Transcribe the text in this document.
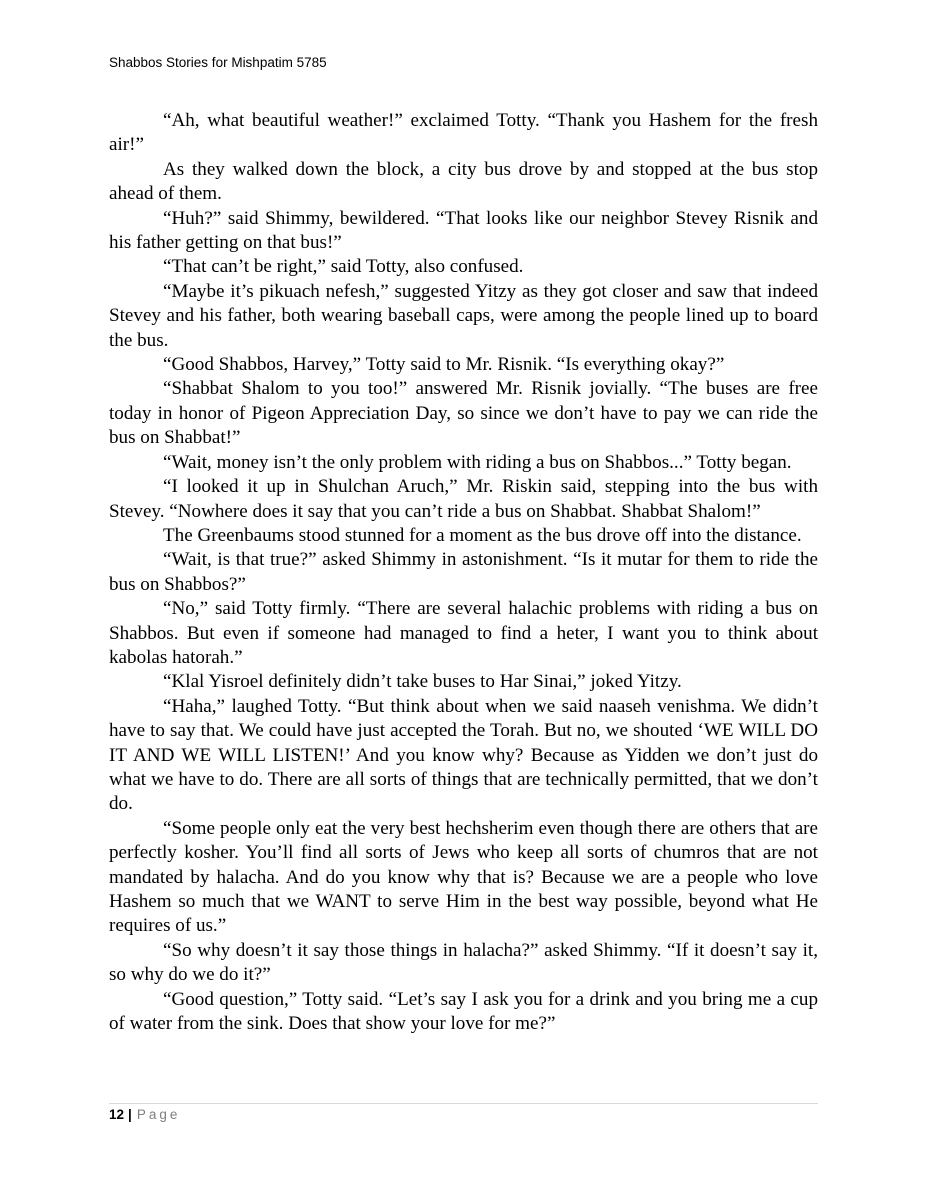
Shabbos Stories for Mishpatim 5785

“Ah, what beautiful weather!” exclaimed Totty. “Thank you Hashem for the fresh air!”

As they walked down the block, a city bus drove by and stopped at the bus stop ahead of them.

“Huh?” said Shimmy, bewildered. “That looks like our neighbor Stevey Risnik and his father getting on that bus!”

“That can’t be right,” said Totty, also confused.

“Maybe it’s pikuach nefesh,” suggested Yitzy as they got closer and saw that indeed Stevey and his father, both wearing baseball caps, were among the people lined up to board the bus.

“Good Shabbos, Harvey,” Totty said to Mr. Risnik. “Is everything okay?”

“Shabbat Shalom to you too!” answered Mr. Risnik jovially. “The buses are free today in honor of Pigeon Appreciation Day, so since we don’t have to pay we can ride the bus on Shabbat!”

“Wait, money isn’t the only problem with riding a bus on Shabbos...” Totty began.

“I looked it up in Shulchan Aruch,” Mr. Riskin said, stepping into the bus with Stevey. “Nowhere does it say that you can’t ride a bus on Shabbat. Shabbat Shalom!”

The Greenbaums stood stunned for a moment as the bus drove off into the distance.

“Wait, is that true?” asked Shimmy in astonishment. “Is it mutar for them to ride the bus on Shabbos?”

“No,” said Totty firmly. “There are several halachic problems with riding a bus on Shabbos. But even if someone had managed to find a heter, I want you to think about kabolas hatorah.”

“Klal Yisroel definitely didn’t take buses to Har Sinai,” joked Yitzy.

“Haha,” laughed Totty. “But think about when we said naaseh venishma. We didn’t have to say that. We could have just accepted the Torah. But no, we shouted ‘WE WILL DO IT AND WE WILL LISTEN!’ And you know why? Because as Yidden we don’t just do what we have to do. There are all sorts of things that are technically permitted, that we don’t do.

“Some people only eat the very best hechsherim even though there are others that are perfectly kosher. You’ll find all sorts of Jews who keep all sorts of chumros that are not mandated by halacha. And do you know why that is? Because we are a people who love Hashem so much that we WANT to serve Him in the best way possible, beyond what He requires of us.”

“So why doesn’t it say those things in halacha?” asked Shimmy. “If it doesn’t say it, so why do we do it?”

“Good question,” Totty said. “Let’s say I ask you for a drink and you bring me a cup of water from the sink. Does that show your love for me?”

12 | Page
